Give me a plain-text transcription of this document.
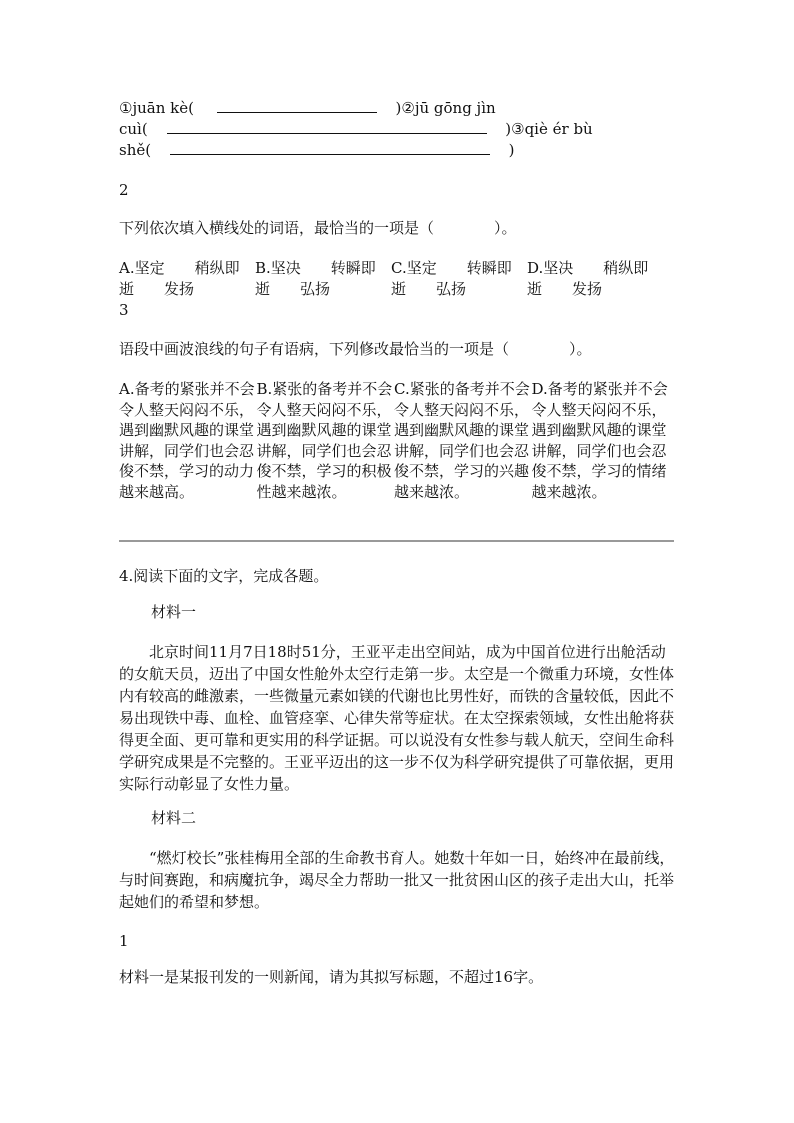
①juān kè(	)②jū gōng jìn
cuì(	)③qiè ér bù
shě(	)
2
下列依次填入横线处的词语，最恰当的一项是（　　　　）。
A.坚定　　稍纵即
逝　　发扬
B.坚决　　转瞬即
逝　　弘扬
C.坚定　　转瞬即
逝　　弘扬
D.坚决　　稍纵即
逝　　发扬
3
语段中画波浪线的句子有语病，下列修改最恰当的一项是（　　　　）。
A.备考的紧张并不会令人整天闷闷不乐，遇到幽默风趣的课堂讲解，同学们也会忍俊不禁，学习的动力越来越高。
B.紧张的备考并不会令人整天闷闷不乐，遇到幽默风趣的课堂讲解，同学们也会忍俊不禁，学习的积极性越来越浓。
C.紧张的备考并不会令人整天闷闷不乐，遇到幽默风趣的课堂讲解，同学们也会忍俊不禁，学习的兴趣越来越浓。
D.备考的紧张并不会令人整天闷闷不乐，遇到幽默风趣的课堂讲解，同学们也会忍俊不禁，学习的情绪越来越浓。
4.阅读下面的文字，完成各题。
材料一
北京时间11月7日18时51分，王亚平走出空间站，成为中国首位进行出舱活动的女航天员，迈出了中国女性舱外太空行走第一步。太空是一个微重力环境，女性体内有较高的雌激素，一些微量元素如镁的代谢也比男性好，而铁的含量较低，因此不易出现铁中毒、血栓、血管痉挛、心律失常等症状。在太空探索领域，女性出舱将获得更全面、更可靠和更实用的科学证据。可以说没有女性参与载人航天，空间生命科学研究成果是不完整的。王亚平迈出的这一步不仅为科学研究提供了可靠依据，更用实际行动彰显了女性力量。
材料二
“燃灯校长”张桂梅用全部的生命教书育人。她数十年如一日，始终冲在最前线，与时间赛跑，和病魔抗争，竭尽全力帮助一批又一批贫困山区的孩子走出大山，托举起她们的希望和梦想。
1
材料一是某报刊发的一则新闻，请为其拟写标题，不超过16字。
